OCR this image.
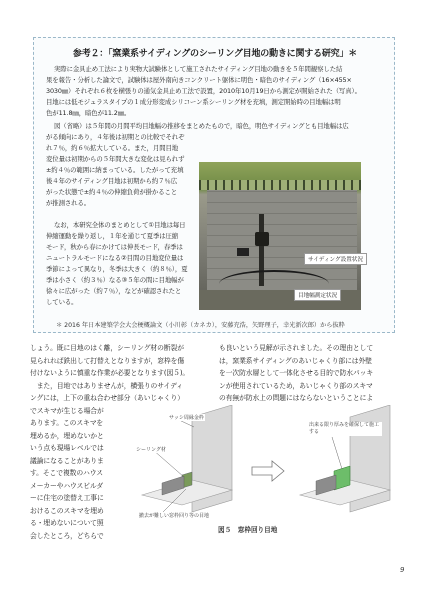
参考２：「窯業系サイディングのシーリング目地の動きに関する研究」＊
実際に金具止め工法により実物大試験体として施工されたサイディング目地の動きを５年間観察した結
果を報告・分析した論文で，試験体は屋外南向きコンクリート躯体に明色・暗色のサイディング（16×455×
3030㎜）それぞれ６枚を横張りの通気金具止め工法で設置，2010年10月19日から測定が開始された（写真）。
目地には低モジュラスタイプの１成分形変成シリコーン系シーリング材を充填，測定開始時の目地幅は明
色が11.8㎜，暗色が11.2㎜。
図（省略）は５年間の月間平均目地幅の推移をまとめたもので，暗色，明色サイディングとも目地幅は広
がる傾向にあり，４年後は初期との比較でそれぞ
れ７％，約６％拡大している。また，月間目地
変位量は初期からの５年間大きな変化は見られず
±約４％の範囲に納まっている。したがって充填
後４年のサイディング目地は初期から約７％広
がった状態で±約４％の伸縮負荷が掛かること
が推測される。
なお，本研究全体のまとめとして①目地は毎日
伸縮運動を繰り返し，１年を通じて夏季は圧縮
モード，秋から春にかけては伸長モード，春季は
ニュートラルモードになる②目間の目地変位量は
季節によって異なり，冬季は大きく（約８％），夏
季は小さく（約３％）なる③５年の間に目地幅が
徐々に広がった（約７％），などが確認されたと
している。
サイディング設置状況
目地幅測定状況
＊ 2016 年日本建築学会大会梗概論文（小川彰（カネカ），安藤充浩，矢野理子，幸光新次郎）から抜粋
しょう。既に目地のはく離，シーリング材の断裂が
見られれば鉄出して打替えとなりますが，窓枠を傷
付けないように慎重な作業が必要となります(図５)。
　また，目地ではありませんが，横張りのサイディ
ングには，上下の重ね合わせ部分（あいじゃくり）
でスキマが生じる場合が
あります。このスキマを
埋めるか，埋めないかと
いう点も現場レベルでは
議論になることがありま
す。そこで複数のハウス
メーカーやハウスビルダ
ーに住宅の塗替え工事に
おけるこのスキマを埋め
る・埋めないについて照
会したところ，どちらで
も良いという見解が示されました。その理由として
は，窯業系サイディングのあいじゃくり部には外壁
を一次防水層として一体化させる目的で防水パッキ
ンが使用されているため，あいじゃくり部のスキマ
の有無が防水上の問題にはならないということによ
サッシ周縁金枠
シーリング材
撤去が難しい窓枠回り等の目地
出来る限り厚みを確保して施工する
図５　窓枠回り目地
9
